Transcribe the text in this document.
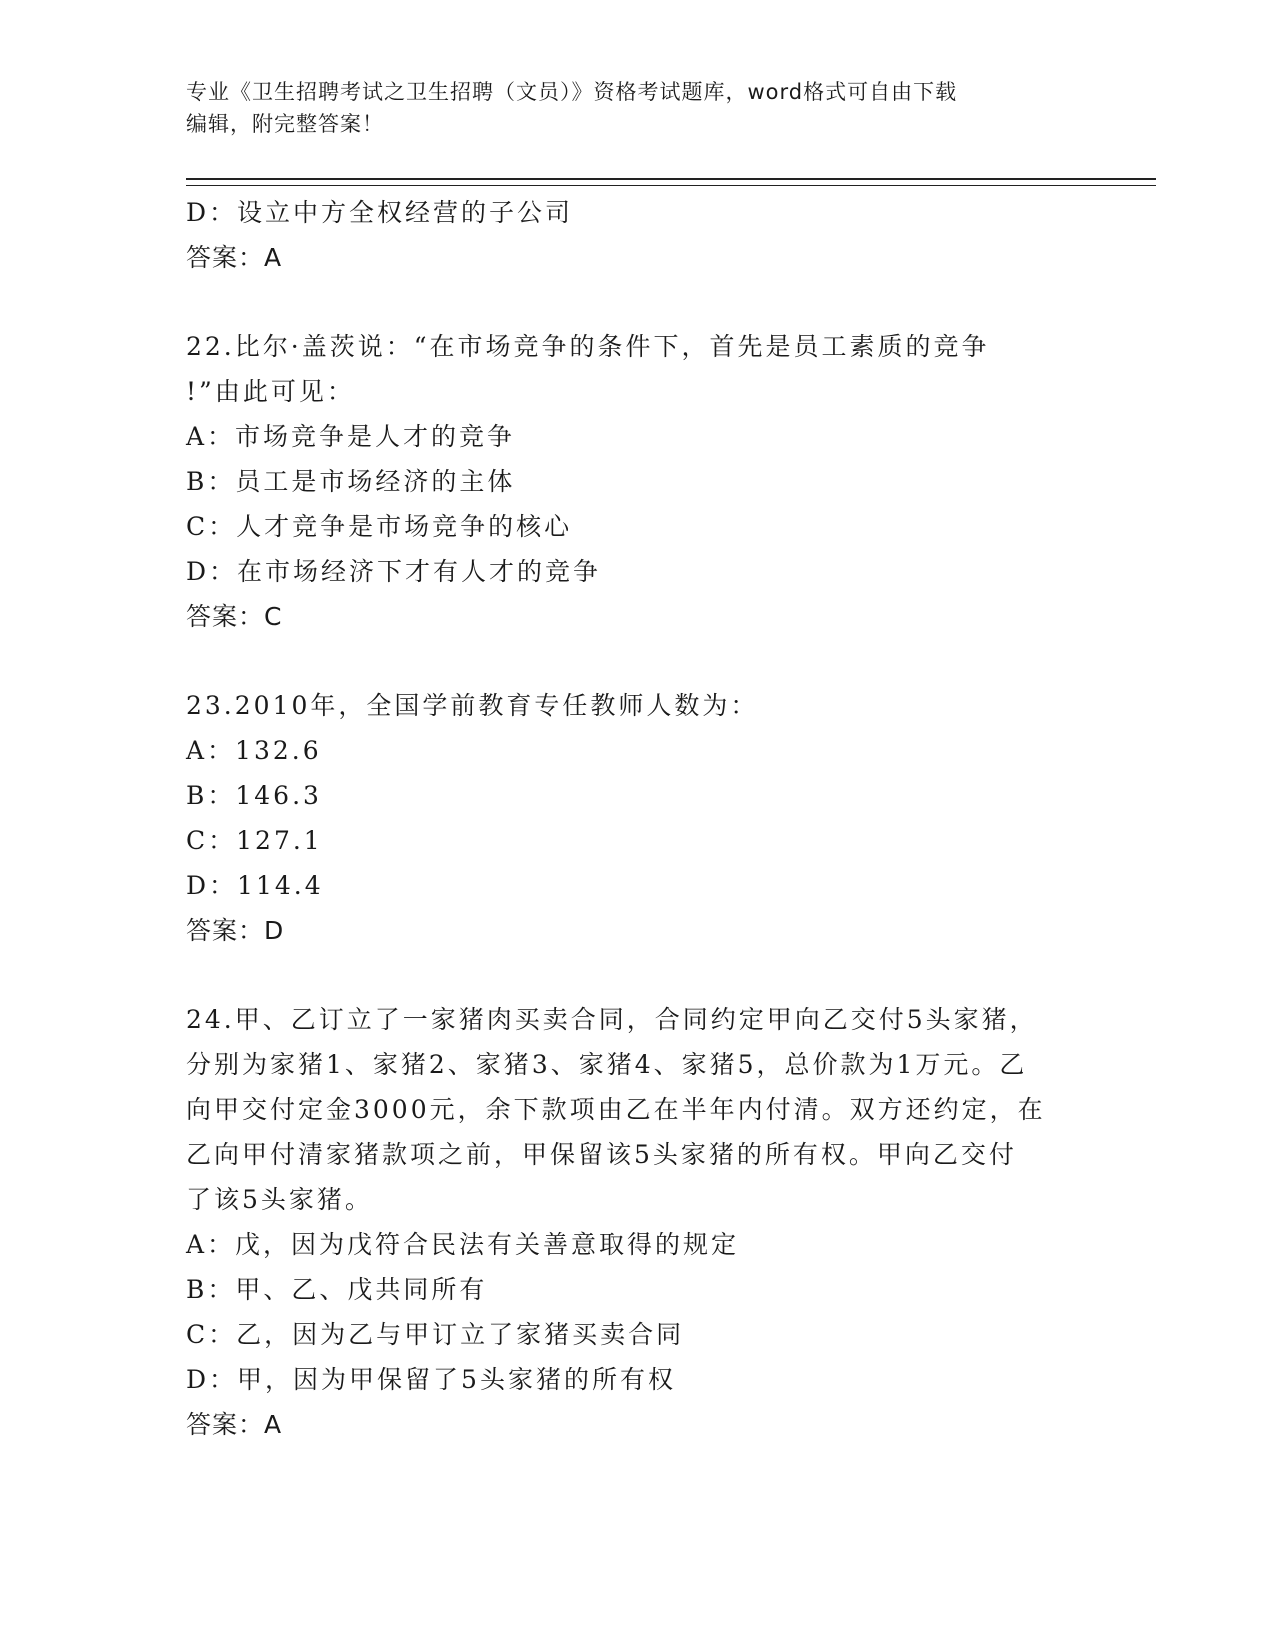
专业《卫生招聘考试之卫生招聘（文员）》资格考试题库，word格式可自由下载
编辑，附完整答案！
D：设立中方全权经营的子公司
答案：A
22.比尔·盖茨说：“在市场竞争的条件下，首先是员工素质的竞争
!”由此可见：
A：市场竞争是人才的竞争
B：员工是市场经济的主体
C：人才竞争是市场竞争的核心
D：在市场经济下才有人才的竞争
答案：C
23.2010年，全国学前教育专任教师人数为：
A：132.6
B：146.3
C：127.1
D：114.4
答案：D
24.甲、乙订立了一家猪肉买卖合同，合同约定甲向乙交付5头家猪，
分别为家猪1、家猪2、家猪3、家猪4、家猪5，总价款为1万元。乙
向甲交付定金3000元，余下款项由乙在半年内付清。双方还约定，在
乙向甲付清家猪款项之前，甲保留该5头家猪的所有权。甲向乙交付
了该5头家猪。
A：戊，因为戊符合民法有关善意取得的规定
B：甲、乙、戊共同所有
C：乙，因为乙与甲订立了家猪买卖合同
D：甲，因为甲保留了5头家猪的所有权
答案：A
